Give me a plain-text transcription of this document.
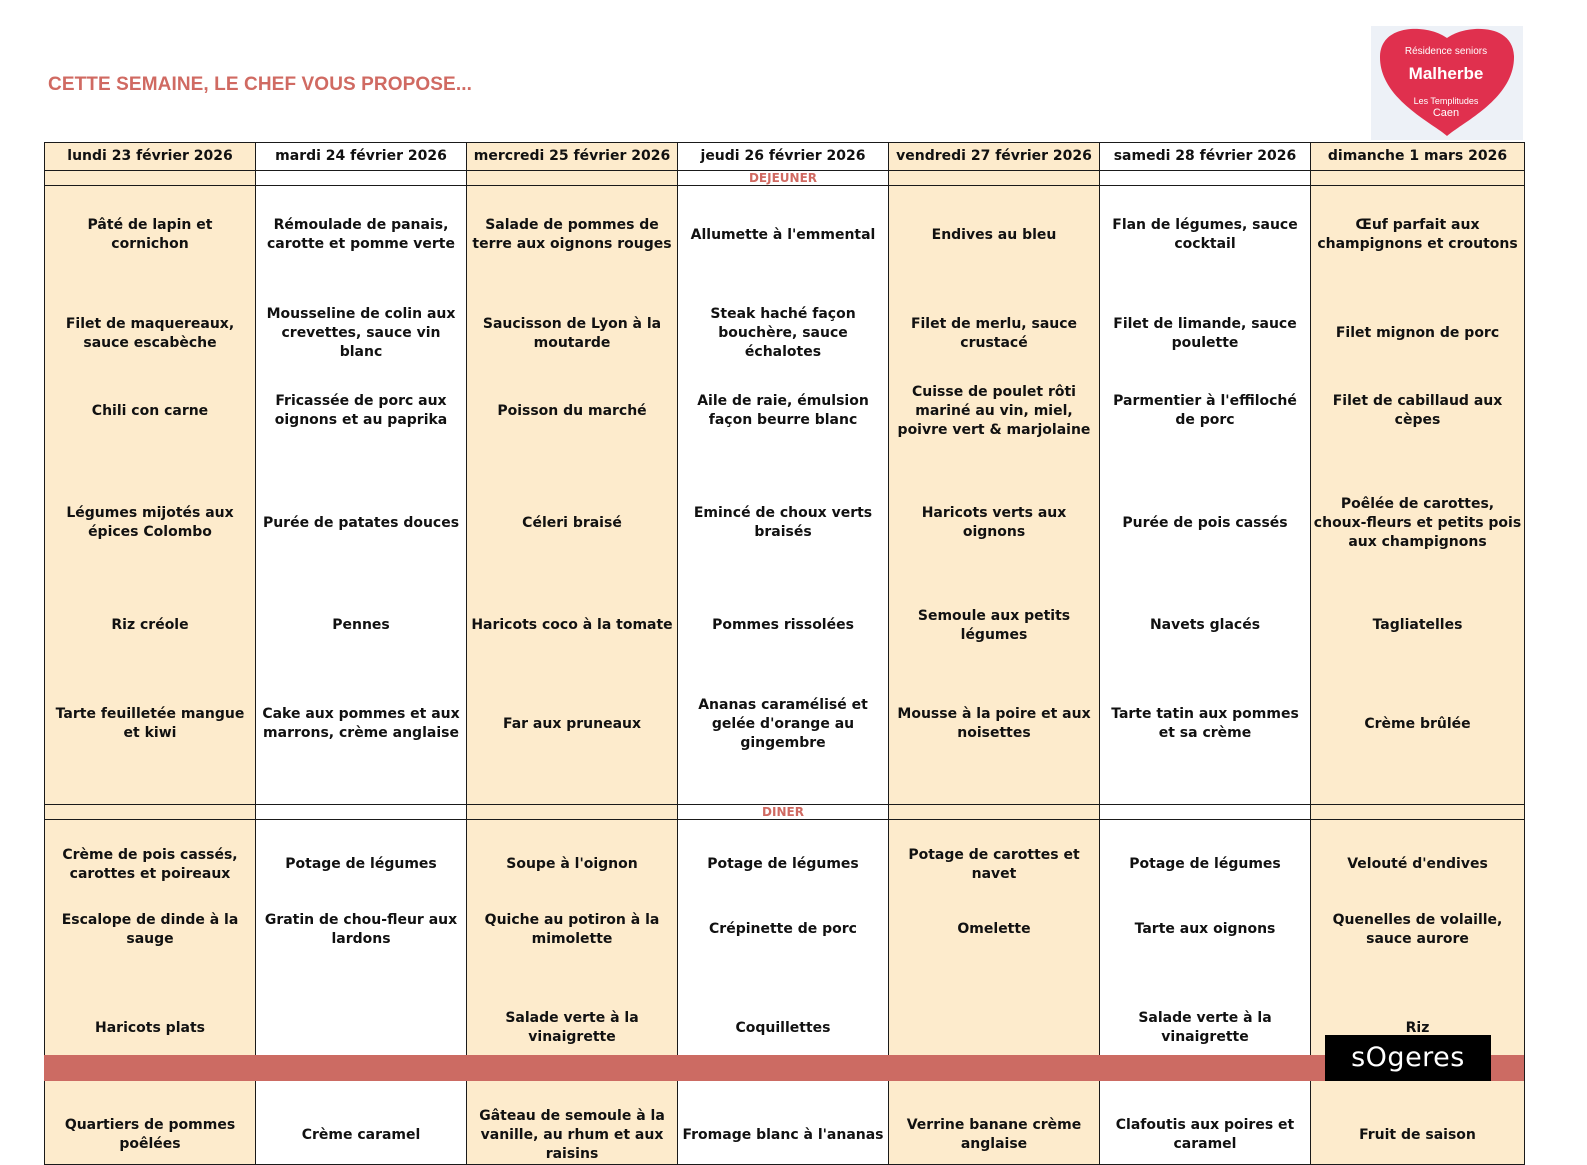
CETTE SEMAINE, LE CHEF VOUS PROPOSE...
Résidence seniors
Malherbe
Les Templitudes
Caen
lundi 23 février 2026	mardi 24 février 2026	mercredi 25 février 2026	jeudi 26 février 2026	vendredi 27 février 2026	samedi 28 février 2026	dimanche 1 mars 2026
			DEJEUNER			
Pâté de lapin et cornichon	Rémoulade de panais, carotte et pomme verte	Salade de pommes de terre aux oignons rouges	Allumette à l'emmental	Endives au bleu	Flan de légumes, sauce cocktail	Œuf parfait aux champignons et croutons
Filet de maquereaux, sauce escabèche	Mousseline de colin aux crevettes, sauce vin blanc	Saucisson de Lyon à la moutarde	Steak haché façon bouchère, sauce échalotes	Filet de merlu, sauce crustacé	Filet de limande, sauce poulette	Filet mignon de porc
Chili con carne	Fricassée de porc aux oignons et au paprika	Poisson du marché	Aile de raie, émulsion façon beurre blanc	Cuisse de poulet rôti mariné au vin, miel, poivre vert & marjolaine	Parmentier à l'effiloché de porc	Filet de cabillaud aux cèpes
Légumes mijotés aux épices Colombo	Purée de patates douces	Céleri braisé	Emincé de choux verts braisés	Haricots verts aux oignons	Purée de pois cassés	Poêlée de carottes, choux-fleurs et petits pois aux champignons
Riz créole	Pennes	Haricots coco à la tomate	Pommes rissolées	Semoule aux petits légumes	Navets glacés	Tagliatelles
Tarte feuilletée mangue et kiwi	Cake aux pommes et aux marrons, crème anglaise	Far aux pruneaux	Ananas caramélisé et gelée d'orange au gingembre	Mousse à la poire et aux noisettes	Tarte tatin aux pommes et sa crème	Crème brûlée
			DINER			
Crème de pois cassés, carottes et poireaux	Potage de légumes	Soupe à l'oignon	Potage de légumes	Potage de carottes et navet	Potage de légumes	Velouté d'endives
Escalope de dinde à la sauge	Gratin de chou-fleur aux lardons	Quiche au potiron à la mimolette	Crépinette de porc	Omelette	Tarte aux oignons	Quenelles de volaille, sauce aurore
Haricots plats		Salade verte à la vinaigrette	Coquillettes		Salade verte à la vinaigrette	Riz
Quartiers de pommes poêlées	Crème caramel	Gâteau de semoule à la vanille, au rhum et aux raisins	Fromage blanc à l'ananas	Verrine banane crème anglaise	Clafoutis aux poires et caramel	Fruit de saison
sOgeres
